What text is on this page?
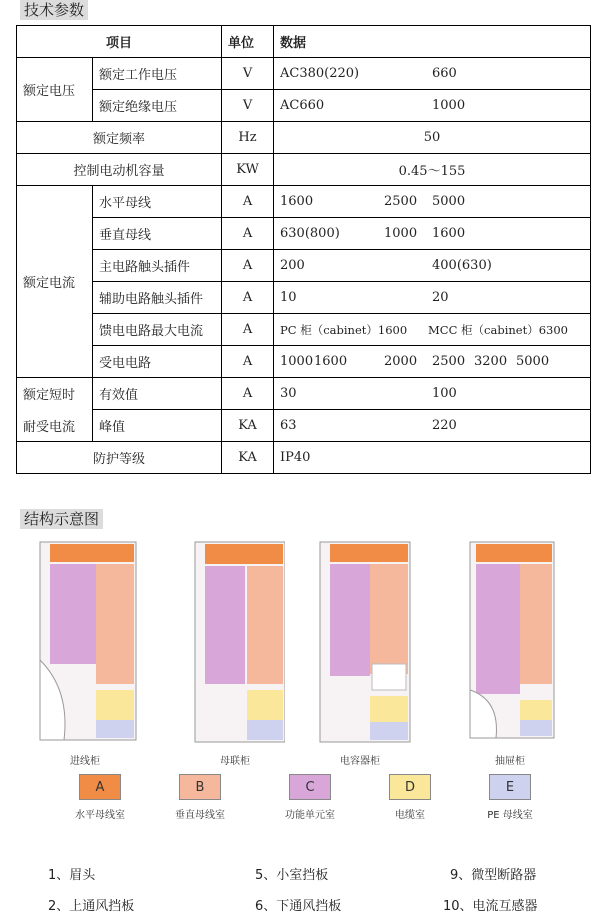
技术参数
项目		单位	数据
额定电压	额定工作电压	V	AC380(220) 660
	额定绝缘电压	V	AC660 1000
额定频率		Hz	50
控制电动机容量		KW	0.45～155
额定电流	水平母线	A	1600 2500 5000
	垂直母线	A	630(800) 1000 1600
	主电路触头插件	A	200 400(630)
	辅助电路触头插件	A	10 20
	馈电电路最大电流	A	PC 柜（cabinet）1600 MCC 柜（cabinet）6300
	受电电路	A	10001600 2000 2500 3200 5000
额定短时	有效值	A	30 100
耐受电流	峰值	KA	63 220
防护等级		KA	IP40
结构示意图
进线柜	母联柜	电容器柜	抽屉柜
A
水平母线室
B
垂直母线室
C
功能单元室
D
电缆室
E
PE 母线室
1、眉头	5、小室挡板	9、微型断路器
2、上通风挡板	6、下通风挡板	10、电流互感器
